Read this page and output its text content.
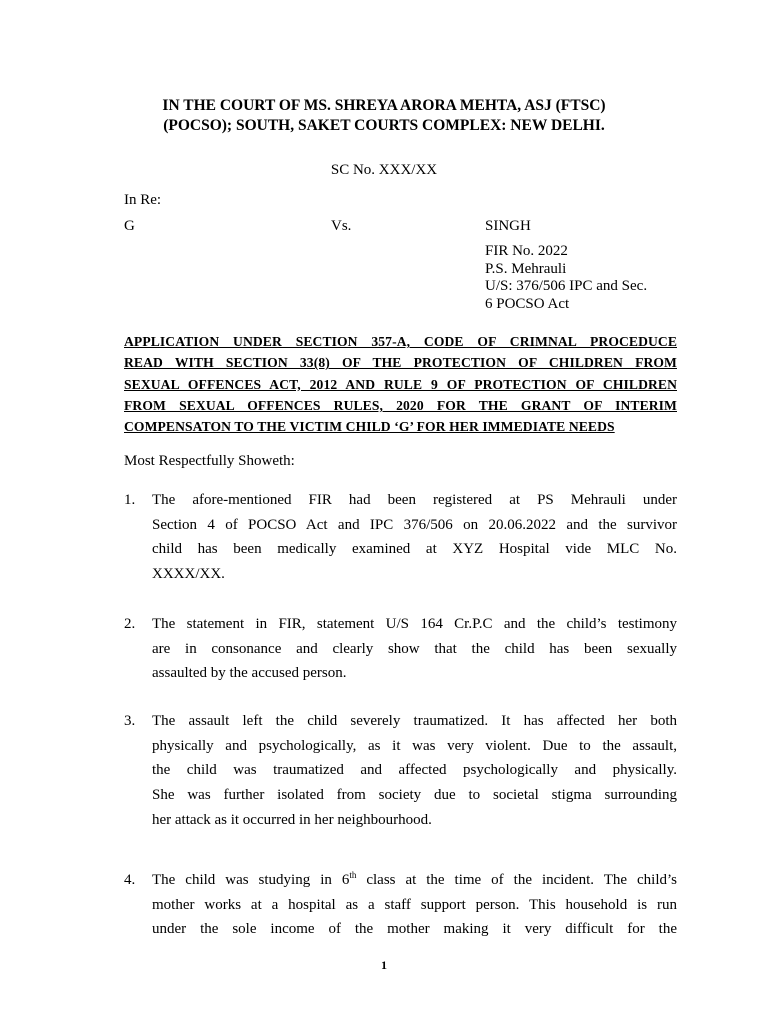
IN THE COURT OF MS. SHREYA ARORA MEHTA, ASJ (FTSC)
(POCSO); SOUTH, SAKET COURTS COMPLEX: NEW DELHI.
SC No. XXX/XX
In Re:
G	Vs.	SINGH
FIR No. 2022
P.S. Mehrauli
U/S: 376/506 IPC and Sec.
6 POCSO Act
APPLICATION UNDER SECTION 357-A, CODE OF CRIMNAL PROCEDUCE
READ WITH SECTION 33(8) OF THE PROTECTION OF CHILDREN FROM
SEXUAL OFFENCES ACT, 2012 AND RULE 9 OF PROTECTION OF CHILDREN
FROM SEXUAL OFFENCES RULES, 2020 FOR THE GRANT OF INTERIM
COMPENSATON TO THE VICTIM CHILD ‘G’ FOR HER IMMEDIATE NEEDS
Most Respectfully Showeth:
1. The afore-mentioned FIR had been registered at PS Mehrauli under
Section 4 of POCSO Act and IPC 376/506 on 20.06.2022 and the survivor
child has been medically examined at XYZ Hospital vide MLC No.
XXXX/XX.
2. The statement in FIR, statement U/S 164 Cr.P.C and the child’s testimony
are in consonance and clearly show that the child has been sexually
assaulted by the accused person.
3. The assault left the child severely traumatized. It has affected her both
physically and psychologically, as it was very violent. Due to the assault,
the child was traumatized and affected psychologically and physically.
She was further isolated from society due to societal stigma surrounding
her attack as it occurred in her neighbourhood.
4. The child was studying in 6th class at the time of the incident. The child’s
mother works at a hospital as a staff support person. This household is run
under the sole income of the mother making it very difficult for the
1
